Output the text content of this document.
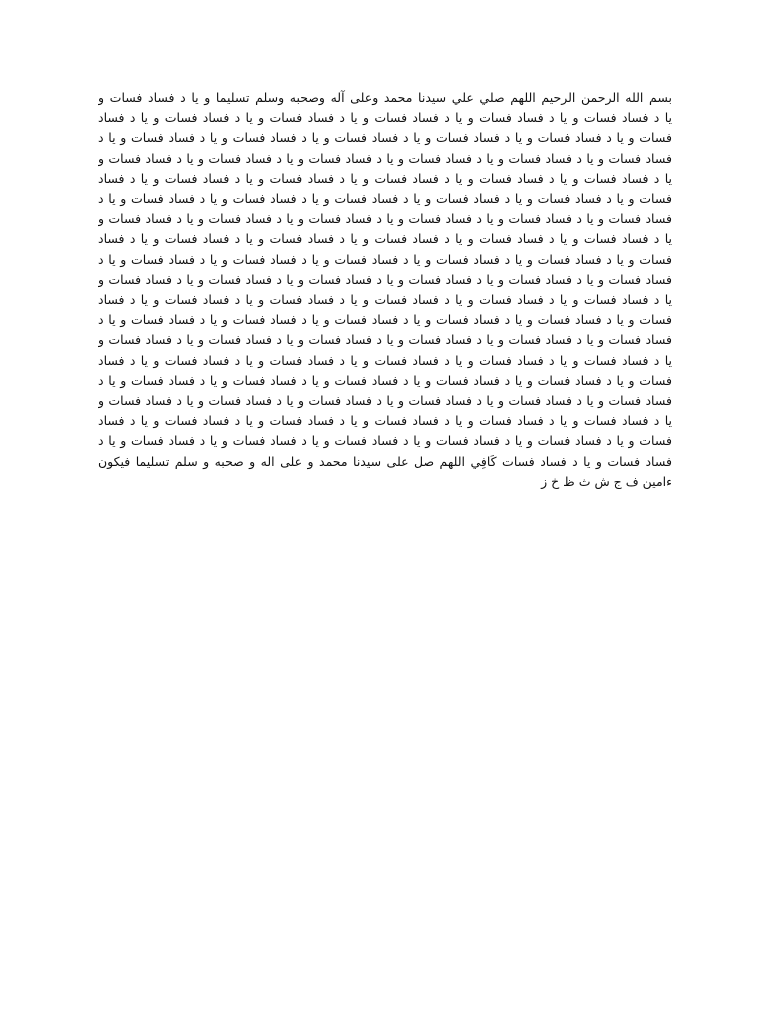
بسم الله الرحمن الرحيم اللهم صلي علي سيدنا محمد وعلى آله وصحبه وسلم تسليما و يا د فساد فسات و
يا د فساد فسات و يا د فساد فسات و يا د فساد فسات و يا د فساد فسات و يا د فساد فسات و يا د فساد
فسات و يا د فساد فسات و يا د فساد فسات و يا د فساد فسات و يا د فساد فسات و يا د فساد فسات و يا د
فساد فسات و يا د فساد فسات و يا د فساد فسات و يا د فساد فسات و يا د فساد فسات و يا د فساد فسات و
يا د فساد فسات و يا د فساد فسات و يا د فساد فسات و يا د فساد فسات و يا د فساد فسات و يا د فساد
فسات و يا د فساد فسات و يا د فساد فسات و يا د فساد فسات و يا د فساد فسات و يا د فساد فسات و يا د
فساد فسات و يا د فساد فسات و يا د فساد فسات و يا د فساد فسات و يا د فساد فسات و يا د فساد فسات و
يا د فساد فسات و يا د فساد فسات و يا د فساد فسات و يا د فساد فسات و يا د فساد فسات و يا د فساد
فسات و يا د فساد فسات و يا د فساد فسات و يا د فساد فسات و يا د فساد فسات و يا د فساد فسات و يا د
فساد فسات و يا د فساد فسات و يا د فساد فسات و يا د فساد فسات و يا د فساد فسات و يا د فساد فسات و
يا د فساد فسات و يا د فساد فسات و يا د فساد فسات و يا د فساد فسات و يا د فساد فسات و يا د فساد
فسات و يا د فساد فسات و يا د فساد فسات و يا د فساد فسات و يا د فساد فسات و يا د فساد فسات و يا د
فساد فسات و يا د فساد فسات و يا د فساد فسات و يا د فساد فسات و يا د فساد فسات و يا د فساد فسات و
يا د فساد فسات و يا د فساد فسات و يا د فساد فسات و يا د فساد فسات و يا د فساد فسات و يا د فساد
فسات و يا د فساد فسات و يا د فساد فسات و يا د فساد فسات و يا د فساد فسات و يا د فساد فسات و يا د
فساد فسات و يا د فساد فسات و يا د فساد فسات و يا د فساد فسات و يا د فساد فسات و يا د فساد فسات و
يا د فساد فسات و يا د فساد فسات و يا د فساد فسات و يا د فساد فسات و يا د فساد فسات و يا د فساد
فسات و يا د فساد فسات و يا د فساد فسات و يا د فساد فسات و يا د فساد فسات و يا د فساد فسات و يا د
فساد فسات و يا د فساد فسات كَافِي اللهم صل على سيدنا محمد و على اله و صحبه و سلم تسليما فيكون
ءامين ف ج ش ث ظ خ ز
